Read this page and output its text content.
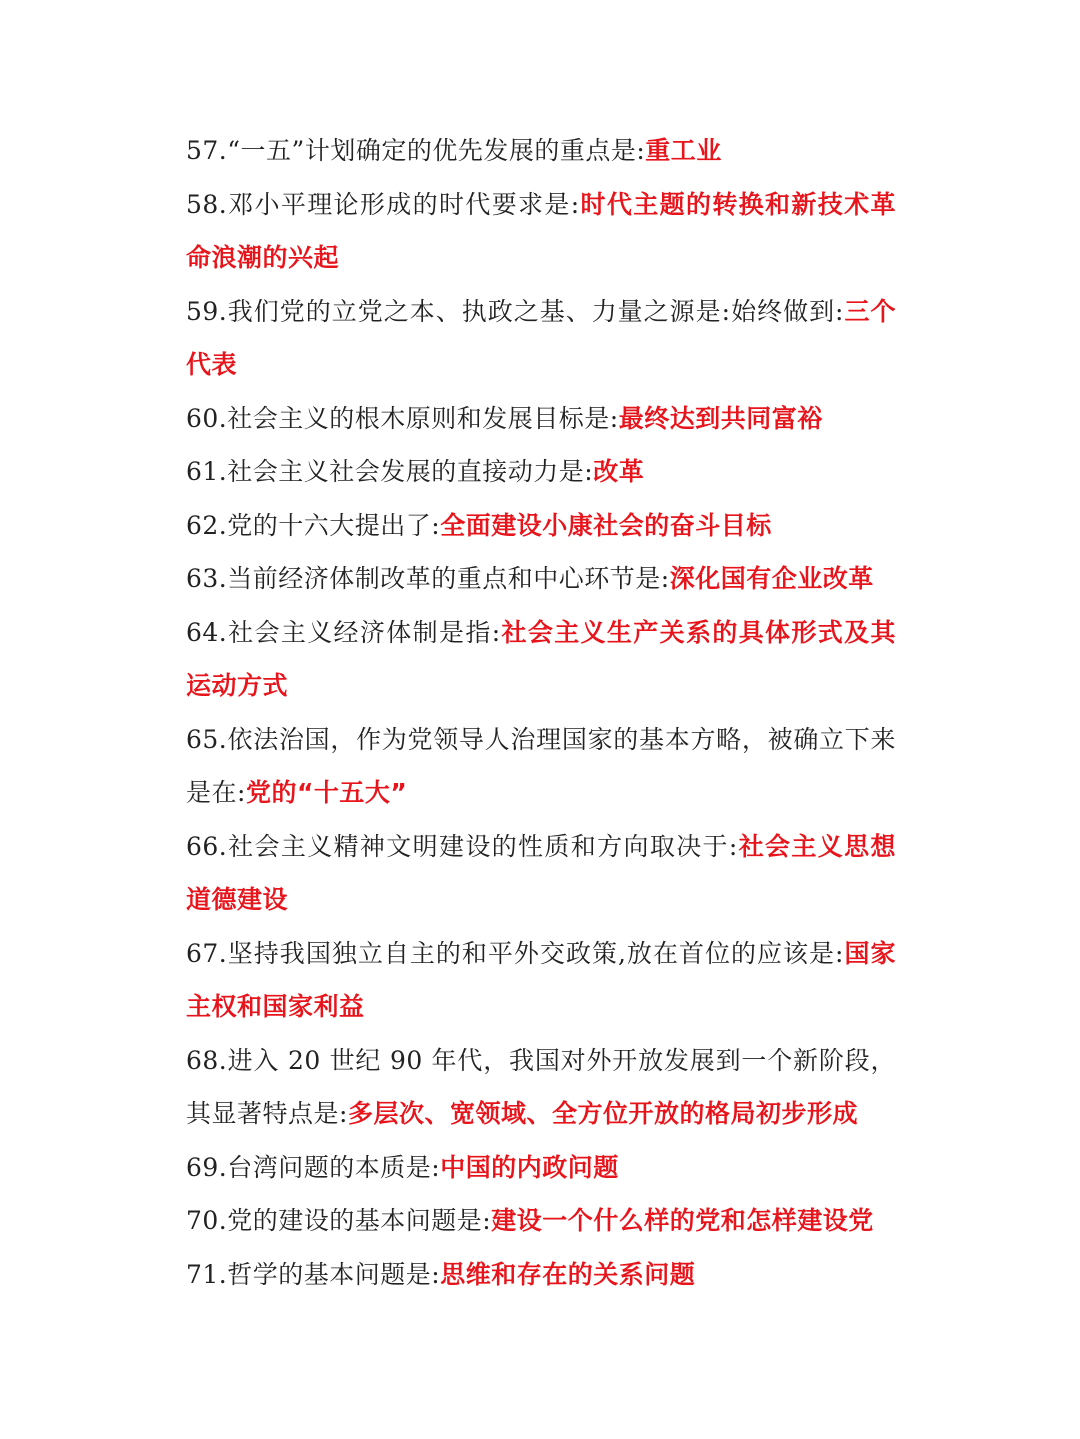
57.“一五”计划确定的优先发展的重点是:重工业

58.邓小平理论形成的时代要求是:时代主题的转换和新技术革命浪潮的兴起

59.我们党的立党之本、执政之基、力量之源是:始终做到:三个代表

60.社会主义的根木原则和发展目标是:最终达到共同富裕

61.社会主义社会发展的直接动力是:改革

62.党的十六大提出了:全面建设小康社会的奋斗目标

63.当前经济体制改革的重点和中心环节是:深化国有企业改革

64.社会主义经济体制是指:社会主义生产关系的具体形式及其运动方式

65.依法治国，作为党领导人治理国家的基本方略，被确立下来是在:党的“十五大”

66.社会主义精神文明建设的性质和方向取决于:社会主义思想道德建设

67.坚持我国独立自主的和平外交政策,放在首位的应该是:国家主权和国家利益

68.进入 20 世纪 90 年代，我国对外开放发展到一个新阶段，其显著特点是:多层次、宽领域、全方位开放的格局初步形成

69.台湾问题的本质是:中国的内政问题

70.党的建设的基本问题是:建设一个什么样的党和怎样建设党

71.哲学的基本问题是:思维和存在的关系问题
